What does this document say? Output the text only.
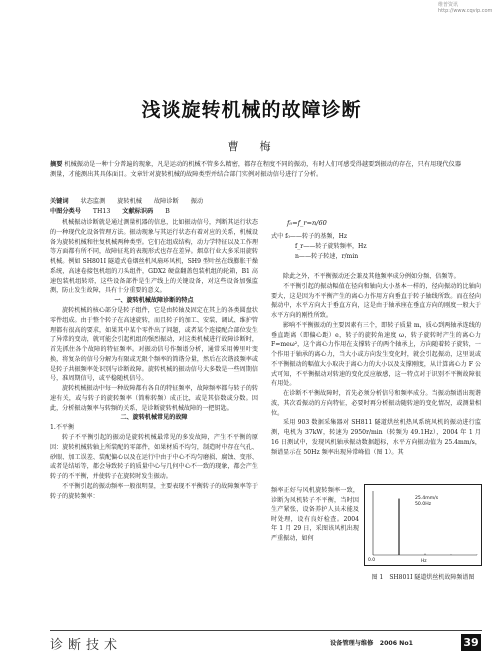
维普资讯 http://www.cqvip.com
浅谈旋转机械的故障诊断
曹　梅
摘要 机械振动是一种十分普遍的现象，凡是运动的机械不管多么精密，都存在程度不同的振动，有时人们可感受得越要到振动的存在，只有用现代仪器测量，才能测出其具体面目。文章针对旋转机械的故障类型并结合部门实例对振动信号进行了分析。
关键词 状态监测 旋转机械 故障诊断 振动
中图分类号 TH13 文献标识码 B

机械振动诊断就是通过测量机器的信息，比如振动信号，判断其运行状态的一种现代化设备管理方法。振动现象与其运行状态有着对应的关系，机械设备为旋转机械和往复机械两种类型。它们在组成结构，动力学特征以及工作理等方面都有所不同，故障征兆的表现形式也存在差异。烟草行业大多采用旋转机械。例如 SH801I 隧道式卷烟丝机风扇环风机，SH9 型叶丝在线膨胀干燥系统，高速卷接包机组的刀头组件，GDX2 硬盒翻盖包装机组的轮箱，B1 高速包装机组转塔，这些设备部件是生产线上的关键设备，对这些设备加强监测，防止发生故障，具有十分重要的意义。

一、旋转机械故障诊断的特点

旋转机械的核心部分是转子组件，它是由转轴及固定在其上的各类圆盘状零件组成。由于整个转子在高速旋转，而且转子的加工、安装、调试、维护管理都有很高的要求，如果其中某个零件出了问题，或者某个连接配合部位发生了异常的变动，就可能会引起机组的强烈振动，对这类机械进行故障诊断时，首先抓住各个故障的特征频率。对振动信号作频谱分析，通常采用傅里叶变换，将复杂的信号分解为有限或无限个频率的简谐分量，然后在次谐波频率或是转子共振频率处识别与诊断故障。旋转机械的振动信号大多数是一些周期信号，准周期信号，或平稳随机信号。

旋转机械振动中每一种故障都有各自的特征频率，故障频率都与转子的转速有关，或与转子的旋转频率（简称转频）成正比，或是其倍数或分数。因此，分析振动频率与转频的关系，是诊断旋转机械故障的一把钥匙。

二、旋转机械常见的故障

1.不平衡

转子不平衡引起的振动是旋转机械最常见的多发故障，产生不平衡的原因：旋转机械转轴上所装配的零部件，如果材质不均匀，制造时中存在气孔、砂眼、加工误差、装配偏心以及在运行中由于中心不均匀磨损、腐蚀、变形、或者是结垢等，都会导致转子的质量中心与几何中心不一致的现象，都会产生转子的不平衡，并使转子在旋转时发生振动。

不平衡引起的振动频率一般很明显，主要表现不平衡转子的故障频率等于转子的旋转频率：

f₀=f_r=n/60
式中 f₀——转子的基频，Hz
f_r——转子旋转频率，Hz
n——转子转速，r/min

除此之外，不平衡振动还会兼及其他频率成分例如分频、倍频等。

不平衡引起的振动幅值在径向和轴向大小基本一样的，径向振动的比轴向要大，这是因为不平衡产生的离心力作用方向垂直于转子轴线所致。而在径向振动中，水平方向大于垂直方向，这是由于轴承座在垂直方向的刚度一般大于水平方向的刚性所致。

影响不平衡振动的主要因素有三个，即转子质量 m，质心到两轴承连线的垂直距离（即偏心距）e，转子的旋转角速度 ω，转子旋转时产生的离心力 F=meω²，这个离心力作用在支撑转子的两个轴承上，方向随着转子旋转，一个作用于轴承的离心力，当大小或方向发生变化时，就会引起振动，这里说或不平衡振动的幅值大小取决于离心力的大小以及支撑刚度，从计算离心力 F 公式可知，不平衡振动对转速的变化反应敏感，这一特点对于识别不平衡故障很有用处。

在诊断不平衡故障时，首先必须分析信号和频率成分。当振动频谱出现谐波，其次看振动的方向特征，必要时再分析振动随转速的变化情况，或测量相位。

采用 903 数据采集器对 SH811 隧道烘丝机热风系统风机的振动进行监测，电机为 37kW，转速为 2950r/min（转频为 49.1Hz），2004 年 1 月 16 日测试中，发现风机轴承振动数据超标，水平方向振动值为 25.4mm/s，频谱显示在 50Hz 频率出现异常峰值（图 1）。其

频率正好与风机旋转频率一致，诊断为风机转子不平衡，当时因生产紧张，设备养护人员未能及时处理，设有良好检查。2004 年 1 月 29 日，采图该风机出现严重振动，如何
25.4mm/s
50.0Hz
0.0	Hz
图 1　SH801I 隧道烘丝机故障频谱图
诊断技术	设备管理与维修 2006 No1	39
